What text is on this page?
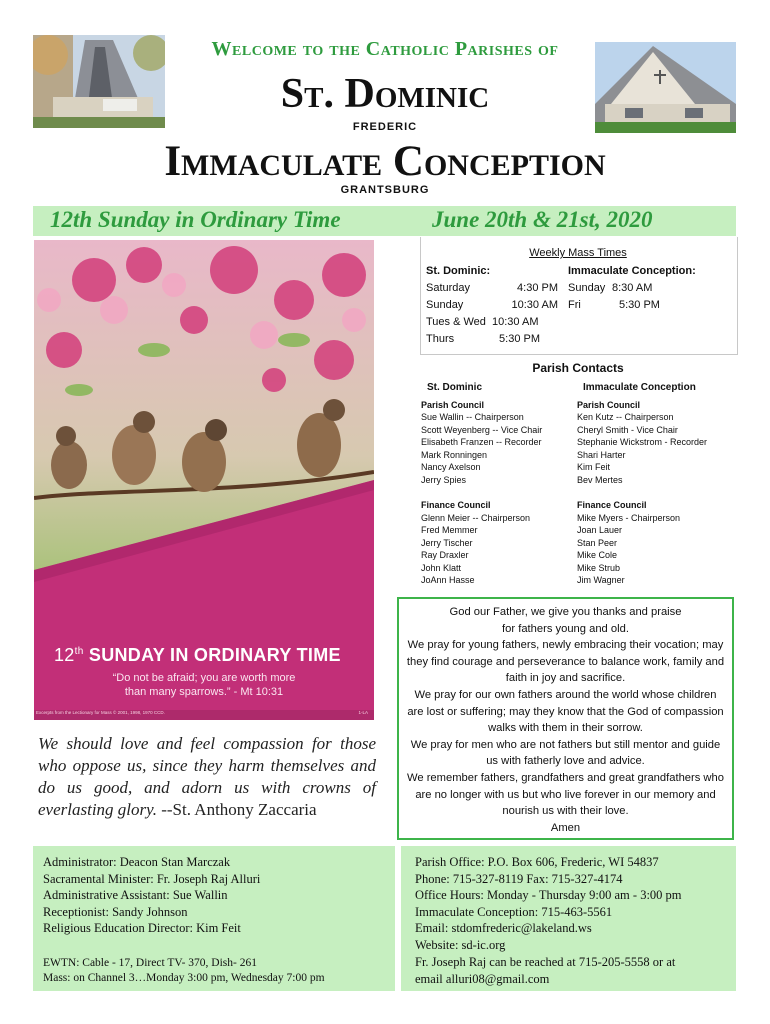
Welcome to the Catholic Parishes of
St. Dominic
frederic
Immaculate Conception
grantsburg
12th Sunday in Ordinary Time	June 20th & 21st, 2020
12th SUNDAY IN ORDINARY TIME
“Do not be afraid; you are worth more
than many sparrows.” - Mt 10:31
Excerpts from the Lectionary for Mass © 2001, 1998, 1970 CCD.	1-LA
Weekly Mass Times
St. Dominic:
Saturday	4:30 PM
Sunday	10:30 AM
Tues & Wed 10:30 AM
Thurs	5:30 PM
Immaculate Conception:
Sunday 8:30 AM
Fri	5:30 PM
Parish Contacts
St. Dominic
Parish Council
Sue Wallin -- Chairperson
Scott Weyenberg -- Vice Chair
Elisabeth Franzen -- Recorder
Mark Ronningen
Nancy Axelson
Jerry Spies
Finance Council
Glenn Meier -- Chairperson
Fred Memmer
Jerry Tischer
Ray Draxler
John Klatt
JoAnn Hasse
Immaculate Conception
Parish Council
Ken Kutz -- Chairperson
Cheryl Smith - Vice Chair
Stephanie Wickstrom - Recorder
Shari Harter
Kim Feit
Bev Mertes
Finance Council
Mike Myers - Chairperson
Joan Lauer
Stan Peer
Mike Cole
Mike Strub
Jim Wagner
We should love and feel compassion for those who oppose us, since they harm themselves and do us good, and adorn us with crowns of everlasting glory. --St. Anthony Zaccaria
God our Father, we give you thanks and praise
for fathers young and old.
We pray for young fathers, newly embracing their vocation; may they find courage and perseverance to balance work, family and faith in joy and sacrifice.
We pray for our own fathers around the world whose children are lost or suffering; may they know that the God of compassion walks with them in their sorrow.
We pray for men who are not fathers but still mentor and guide us with fatherly love and advice.
We remember fathers, grandfathers and great grandfathers who are no longer with us but who live forever in our memory and nourish us with their love.
Amen
Administrator: Deacon Stan Marczak
Sacramental Minister: Fr. Joseph Raj Alluri
Administrative Assistant: Sue Wallin
Receptionist: Sandy Johnson
Religious Education Director: Kim Feit
EWTN: Cable - 17, Direct TV- 370, Dish- 261
Mass: on Channel 3…Monday 3:00 pm, Wednesday 7:00 pm
Parish Office: P.O. Box 606, Frederic, WI 54837
Phone: 715-327-8119 Fax: 715-327-4174
Office Hours: Monday - Thursday 9:00 am - 3:00 pm
Immaculate Conception: 715-463-5561
Email: stdomfrederic@lakeland.ws
Website: sd-ic.org
Fr. Joseph Raj can be reached at 715-205-5558 or at
email alluri08@gmail.com
